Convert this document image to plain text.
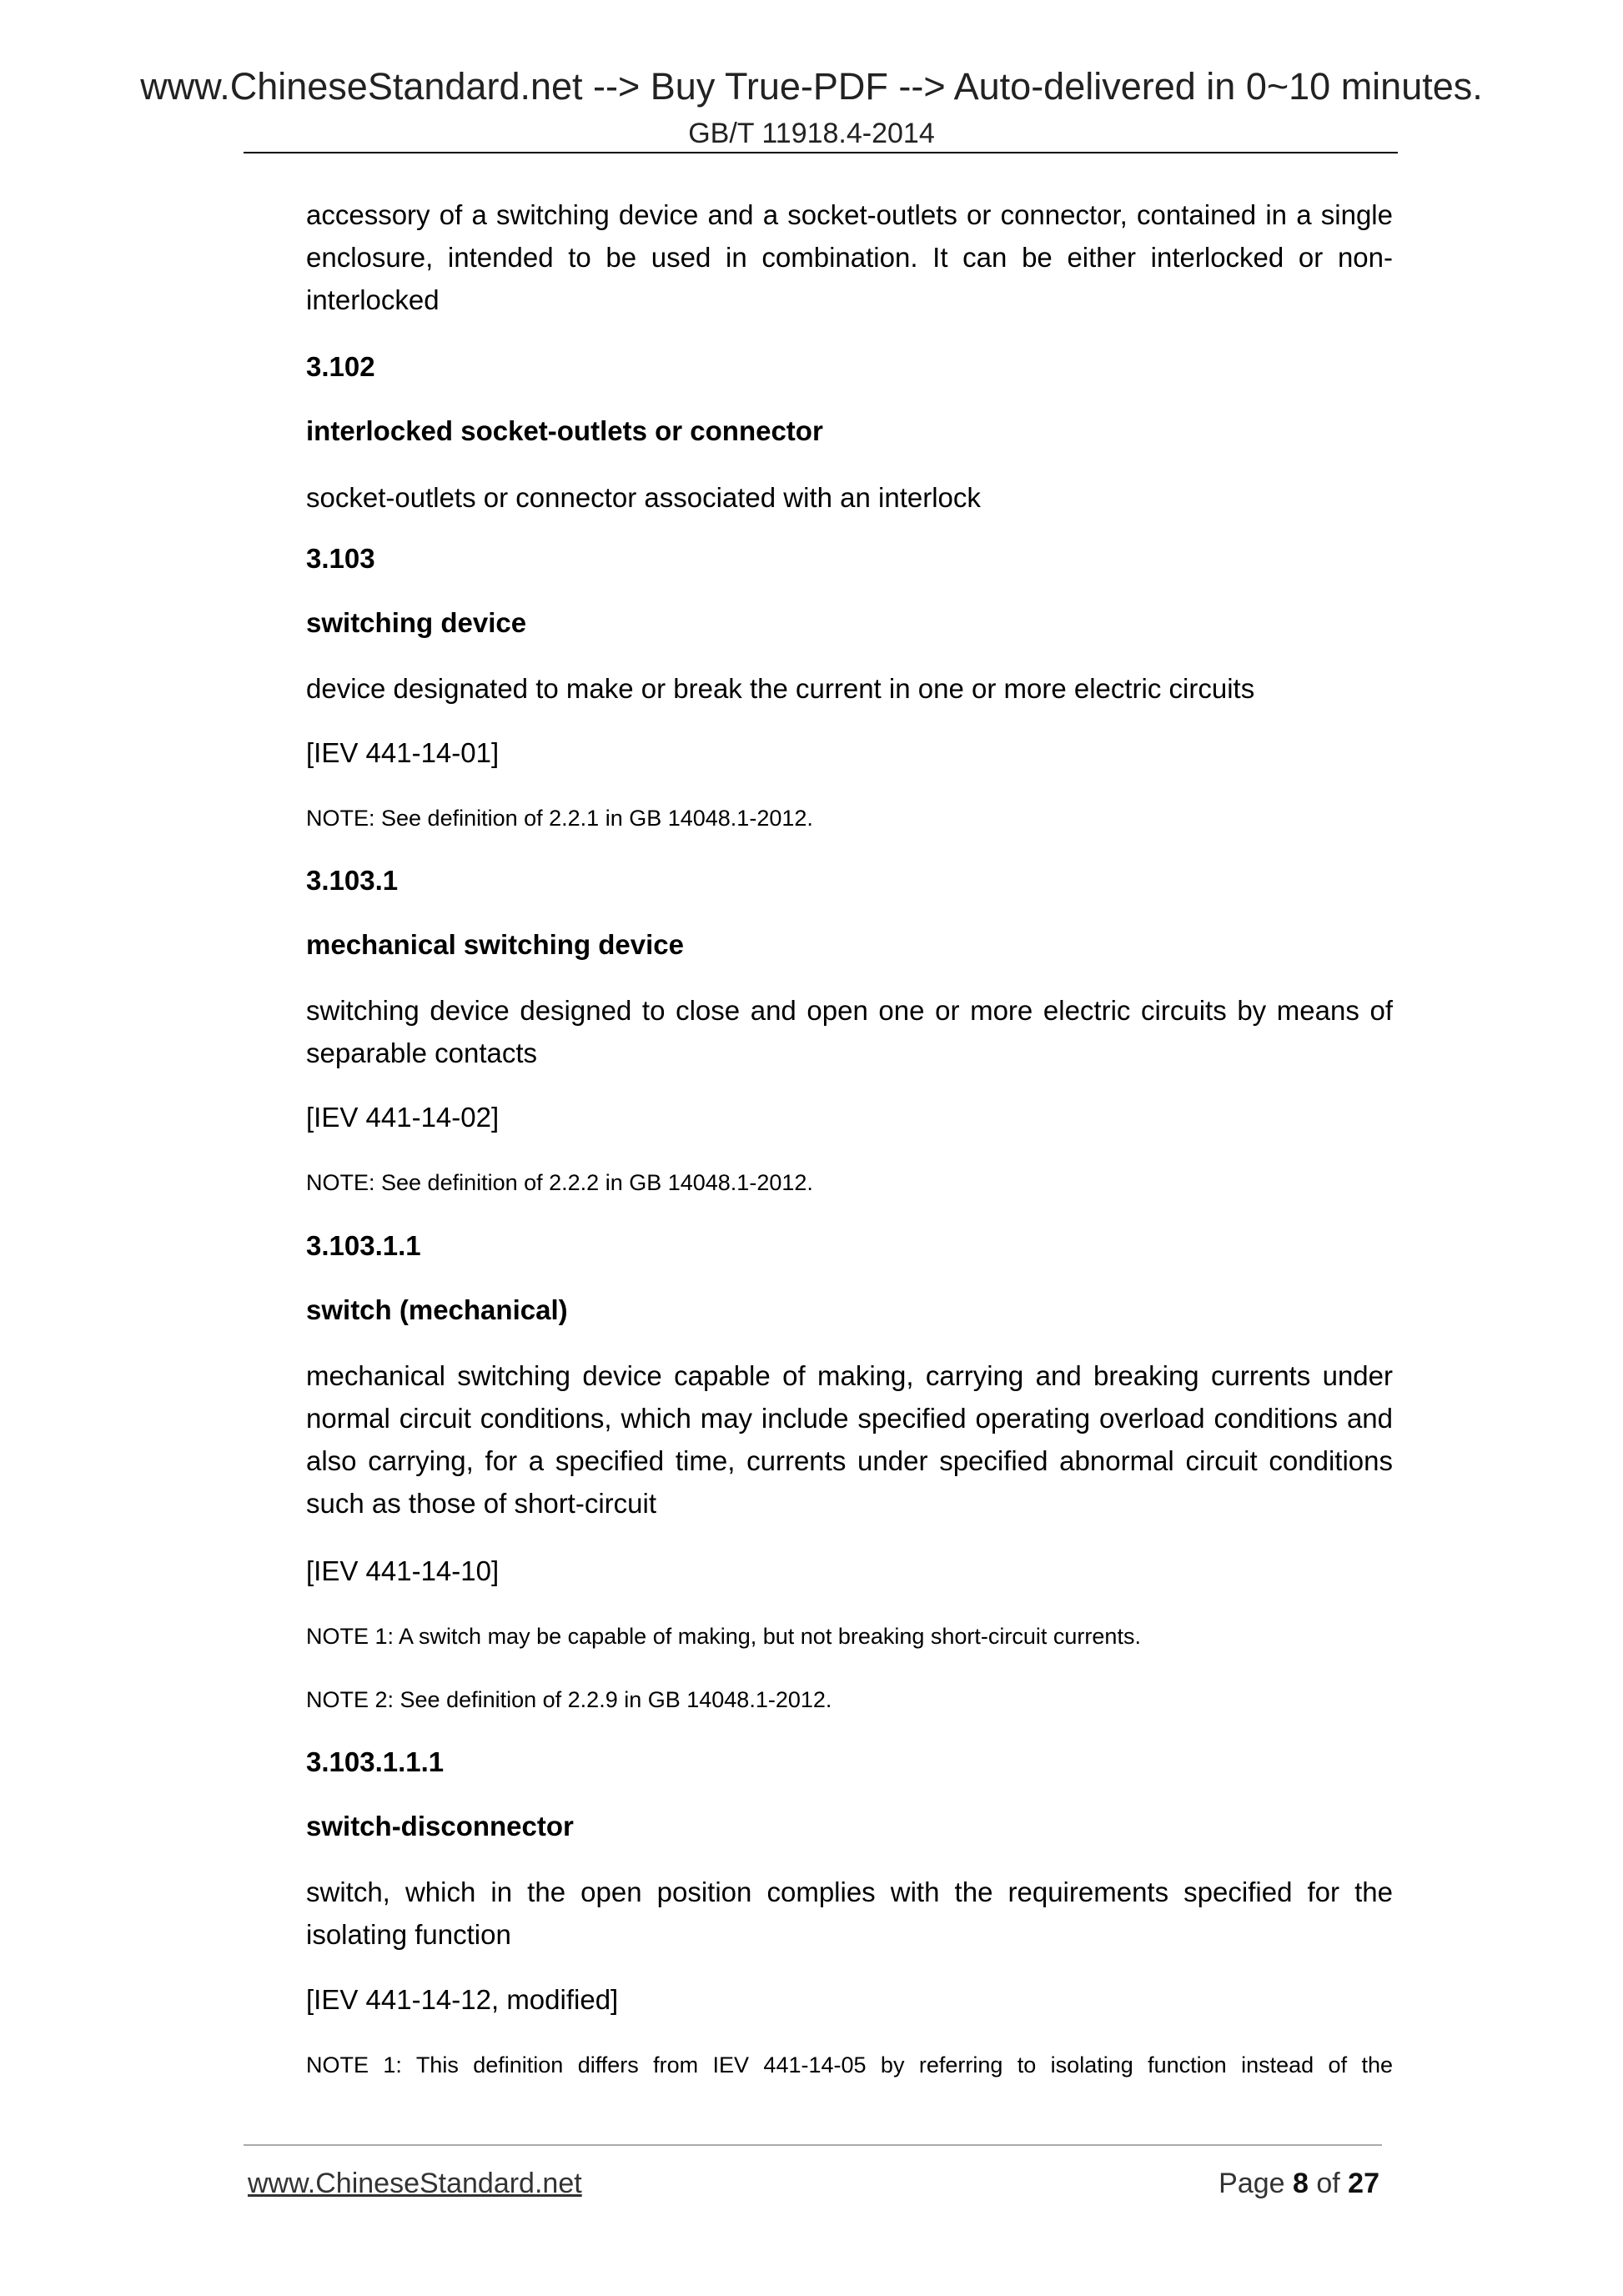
www.ChineseStandard.net --> Buy True-PDF --> Auto-delivered in 0~10 minutes.
GB/T 11918.4-2014
accessory of a switching device and a socket-outlets or connector, contained in a single enclosure, intended to be used in combination. It can be either interlocked or non-interlocked
3.102
interlocked socket-outlets or connector
socket-outlets or connector associated with an interlock
3.103
switching device
device designated to make or break the current in one or more electric circuits
[IEV 441-14-01]
NOTE: See definition of 2.2.1 in GB 14048.1-2012.
3.103.1
mechanical switching device
switching device designed to close and open one or more electric circuits by means of separable contacts
[IEV 441-14-02]
NOTE: See definition of 2.2.2 in GB 14048.1-2012.
3.103.1.1
switch (mechanical)
mechanical switching device capable of making, carrying and breaking currents under normal circuit conditions, which may include specified operating overload conditions and also carrying, for a specified time, currents under specified abnormal circuit conditions such as those of short-circuit
[IEV 441-14-10]
NOTE 1: A switch may be capable of making, but not breaking short-circuit currents.
NOTE 2: See definition of 2.2.9 in GB 14048.1-2012.
3.103.1.1.1
switch-disconnector
switch, which in the open position complies with the requirements specified for the isolating function
[IEV 441-14-12, modified]
NOTE 1: This definition differs from IEV 441-14-05 by referring to isolating function instead of the
www.ChineseStandard.net	Page 8 of 27
